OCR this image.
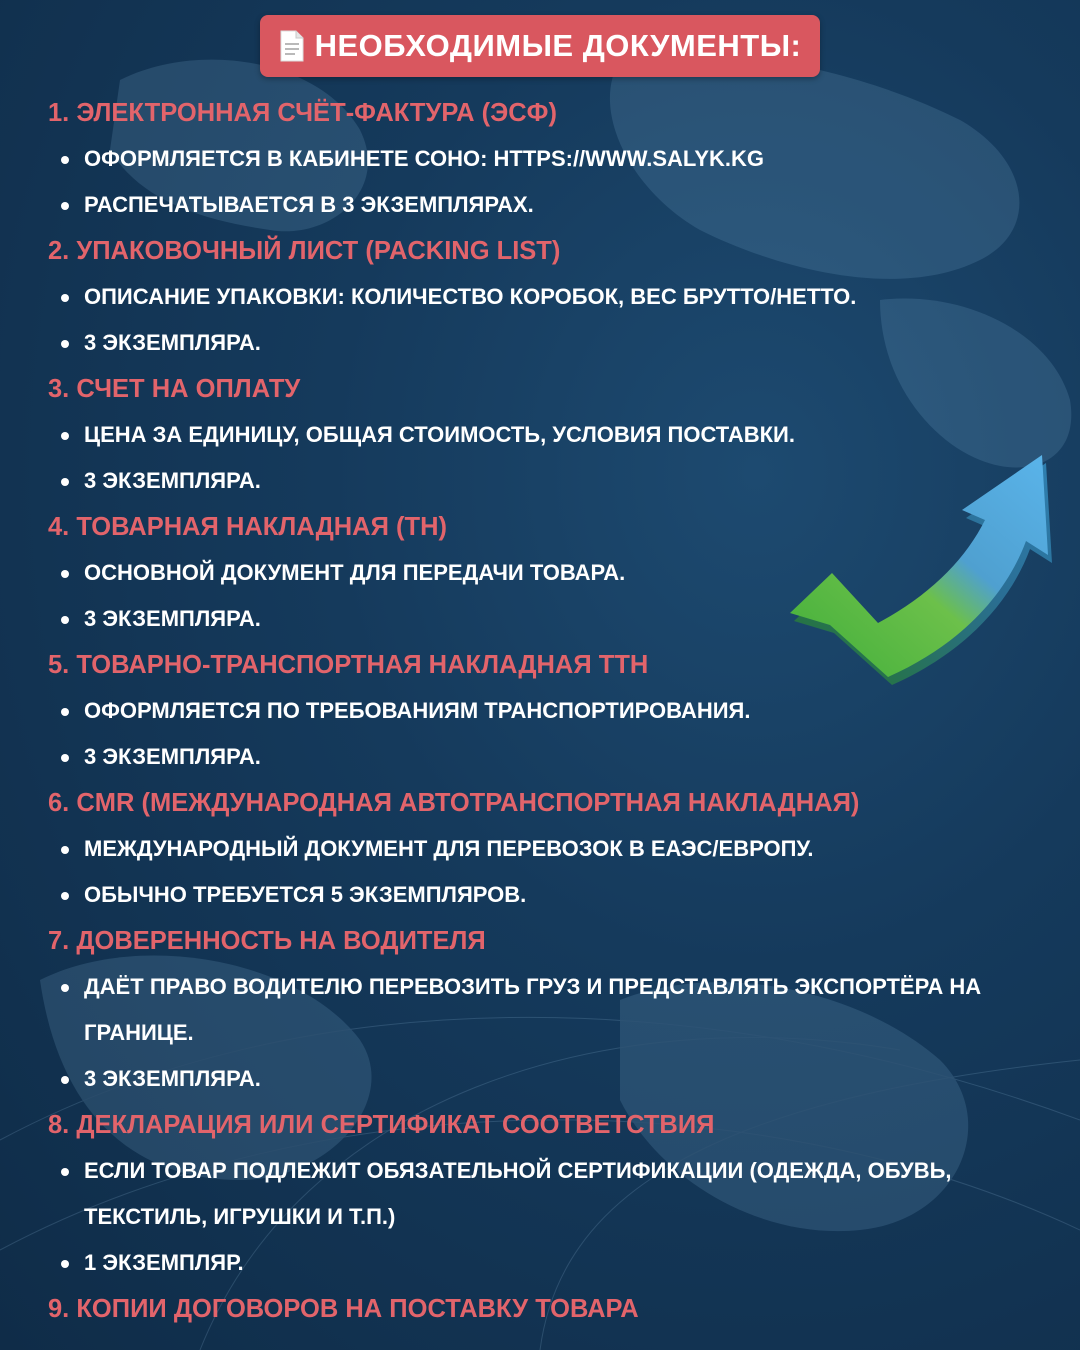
НЕОБХОДИМЫЕ ДОКУМЕНТЫ:
1. ЭЛЕКТРОННАЯ СЧЁТ-ФАКТУРА (ЭСФ)
ОФОРМЛЯЕТСЯ В КАБИНЕТЕ СОНО: HTTPS://WWW.SALYK.KG
РАСПЕЧАТЫВАЕТСЯ В 3 ЭКЗЕМПЛЯРАХ.
2. УПАКОВОЧНЫЙ ЛИСТ (PACKING LIST)
ОПИСАНИЕ УПАКОВКИ: КОЛИЧЕСТВО КОРОБОК, ВЕС БРУТТО/НЕТТО.
3 ЭКЗЕМПЛЯРА.
3. СЧЕТ НА ОПЛАТУ
ЦЕНА ЗА ЕДИНИЦУ, ОБЩАЯ СТОИМОСТЬ, УСЛОВИЯ ПОСТАВКИ.
3 ЭКЗЕМПЛЯРА.
4. ТОВАРНАЯ НАКЛАДНАЯ (ТН)
ОСНОВНОЙ ДОКУМЕНТ ДЛЯ ПЕРЕДАЧИ ТОВАРА.
3 ЭКЗЕМПЛЯРА.
5. ТОВАРНО-ТРАНСПОРТНАЯ НАКЛАДНАЯ ТТН
ОФОРМЛЯЕТСЯ ПО ТРЕБОВАНИЯМ ТРАНСПОРТИРОВАНИЯ.
3 ЭКЗЕМПЛЯРА.
6. CMR (МЕЖДУНАРОДНАЯ АВТОТРАНСПОРТНАЯ НАКЛАДНАЯ)
МЕЖДУНАРОДНЫЙ ДОКУМЕНТ ДЛЯ ПЕРЕВОЗОК В ЕАЭС/ЕВРОПУ.
ОБЫЧНО ТРЕБУЕТСЯ 5 ЭКЗЕМПЛЯРОВ.
7. ДОВЕРЕННОСТЬ НА ВОДИТЕЛЯ
ДАЁТ ПРАВО ВОДИТЕЛЮ ПЕРЕВОЗИТЬ ГРУЗ И ПРЕДСТАВЛЯТЬ ЭКСПОРТЁРА НА ГРАНИЦЕ.
3 ЭКЗЕМПЛЯРА.
8. ДЕКЛАРАЦИЯ ИЛИ СЕРТИФИКАТ СООТВЕТСТВИЯ
ЕСЛИ ТОВАР ПОДЛЕЖИТ ОБЯЗАТЕЛЬНОЙ СЕРТИФИКАЦИИ (ОДЕЖДА, ОБУВЬ, ТЕКСТИЛЬ, ИГРУШКИ И Т.П.)
1 ЭКЗЕМПЛЯР.
9. КОПИИ ДОГОВОРОВ НА ПОСТАВКУ ТОВАРА
